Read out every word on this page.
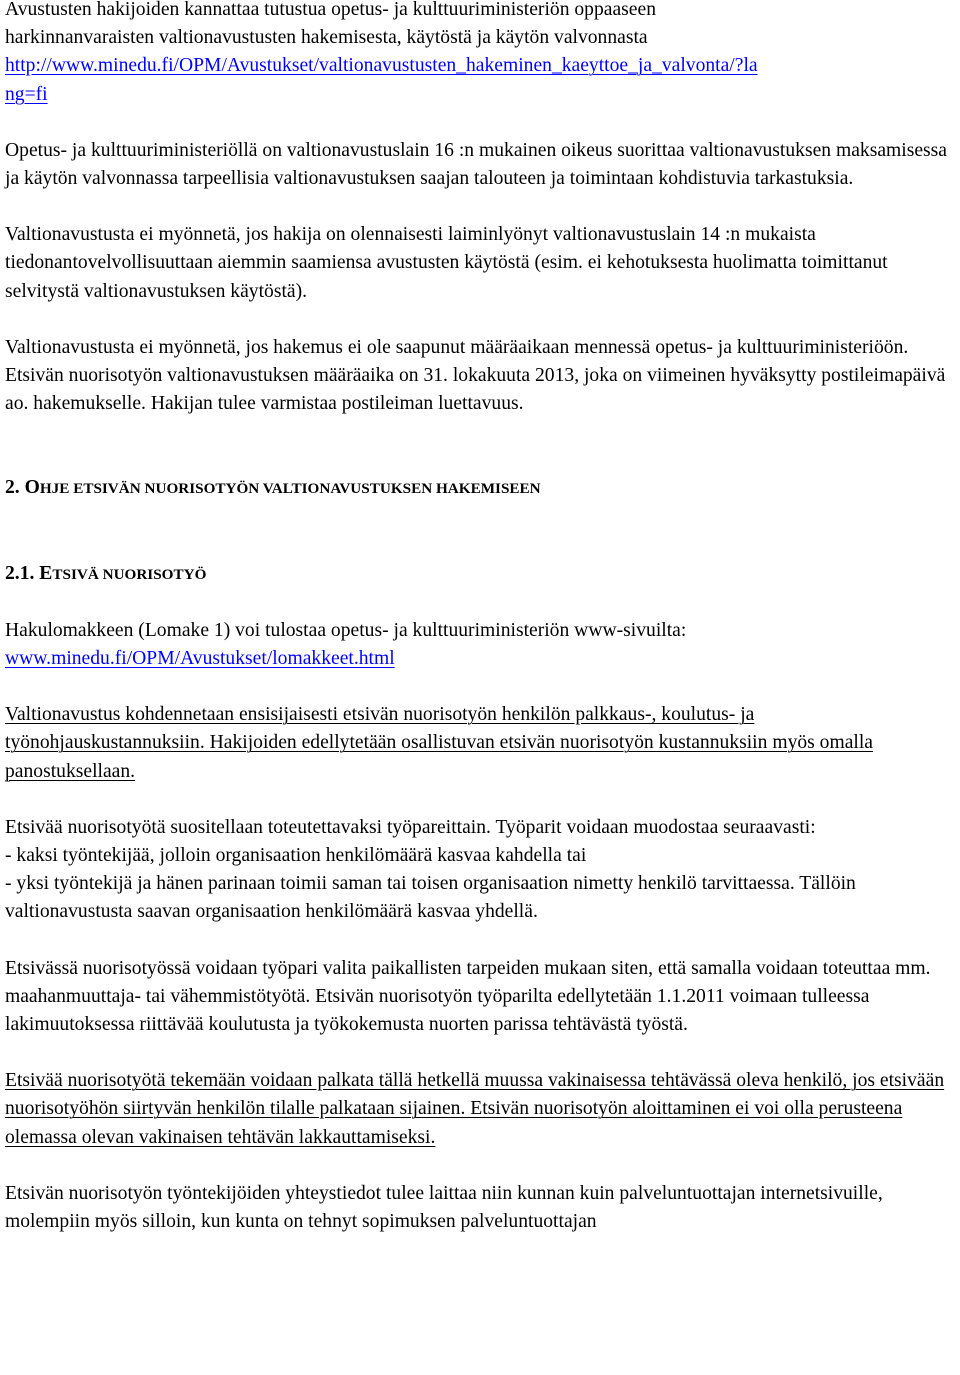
Avustusten hakijoiden kannattaa tutustua opetus- ja kulttuuriministeriön oppaaseen
harkinnanvaraisten valtionavustusten hakemisesta, käytöstä ja käytön valvonnasta
http://www.minedu.fi/OPM/Avustukset/valtionavustusten_hakeminen_kaeyttoe_ja_valvonta/?la
ng=fi

Opetus- ja kulttuuriministeriöllä on valtionavustuslain 16 :n mukainen oikeus suorittaa valtionavustuksen maksamisessa ja käytön valvonnassa tarpeellisia valtionavustuksen saajan talouteen ja toimintaan kohdistuvia tarkastuksia.

Valtionavustusta ei myönnetä, jos hakija on olennaisesti laiminlyönyt valtionavustuslain 14 :n mukaista tiedonantovelvollisuuttaan aiemmin saamiensa avustusten käytöstä (esim. ei kehotuksesta huolimatta toimittanut selvitystä valtionavustuksen käytöstä).

Valtionavustusta ei myönnetä, jos hakemus ei ole saapunut määräaikaan mennessä opetus- ja kulttuuriministeriöön. Etsivän nuorisotyön valtionavustuksen määräaika on 31. lokakuuta 2013, joka on viimeinen hyväksytty postileimapäivä ao. hakemukselle. Hakijan tulee varmistaa postileiman luettavuus.

2. OHJE ETSIVÄN NUORISOTYÖN VALTIONAVUSTUKSEN HAKEMISEEN

2.1. ETSIVÄ NUORISOTYÖ

Hakulomakkeen (Lomake 1) voi tulostaa opetus- ja kulttuuriministeriön www-sivuilta:
www.minedu.fi/OPM/Avustukset/lomakkeet.html

Valtionavustus kohdennetaan ensisijaisesti etsivän nuorisotyön henkilön palkkaus-, koulutus- ja työnohjauskustannuksiin. Hakijoiden edellytetään osallistuvan etsivän nuorisotyön kustannuksiin myös omalla panostuksellaan.

Etsivää nuorisotyötä suositellaan toteutettavaksi työpareittain. Työparit voidaan muodostaa seuraavasti:
- kaksi työntekijää, jolloin organisaation henkilömäärä kasvaa kahdella tai
- yksi työntekijä ja hänen parinaan toimii saman tai toisen organisaation nimetty henkilö tarvittaessa. Tällöin valtionavustusta saavan organisaation henkilömäärä kasvaa yhdellä.

Etsivässä nuorisotyössä voidaan työpari valita paikallisten tarpeiden mukaan siten, että samalla voidaan toteuttaa mm. maahanmuuttaja- tai vähemmistötyötä. Etsivän nuorisotyön työparilta edellytetään 1.1.2011 voimaan tulleessa lakimuutoksessa riittävää koulutusta ja työkokemusta nuorten parissa tehtävästä työstä.

Etsivää nuorisotyötä tekemään voidaan palkata tällä hetkellä muussa vakinaisessa tehtävässä oleva henkilö, jos etsivään nuorisotyöhön siirtyvän henkilön tilalle palkataan sijainen. Etsivän nuorisotyön aloittaminen ei voi olla perusteena olemassa olevan vakinaisen tehtävän lakkauttamiseksi.

Etsivän nuorisotyön työntekijöiden yhteystiedot tulee laittaa niin kunnan kuin palveluntuottajan internetsivuille, molempiin myös silloin, kun kunta on tehnyt sopimuksen palveluntuottajan
